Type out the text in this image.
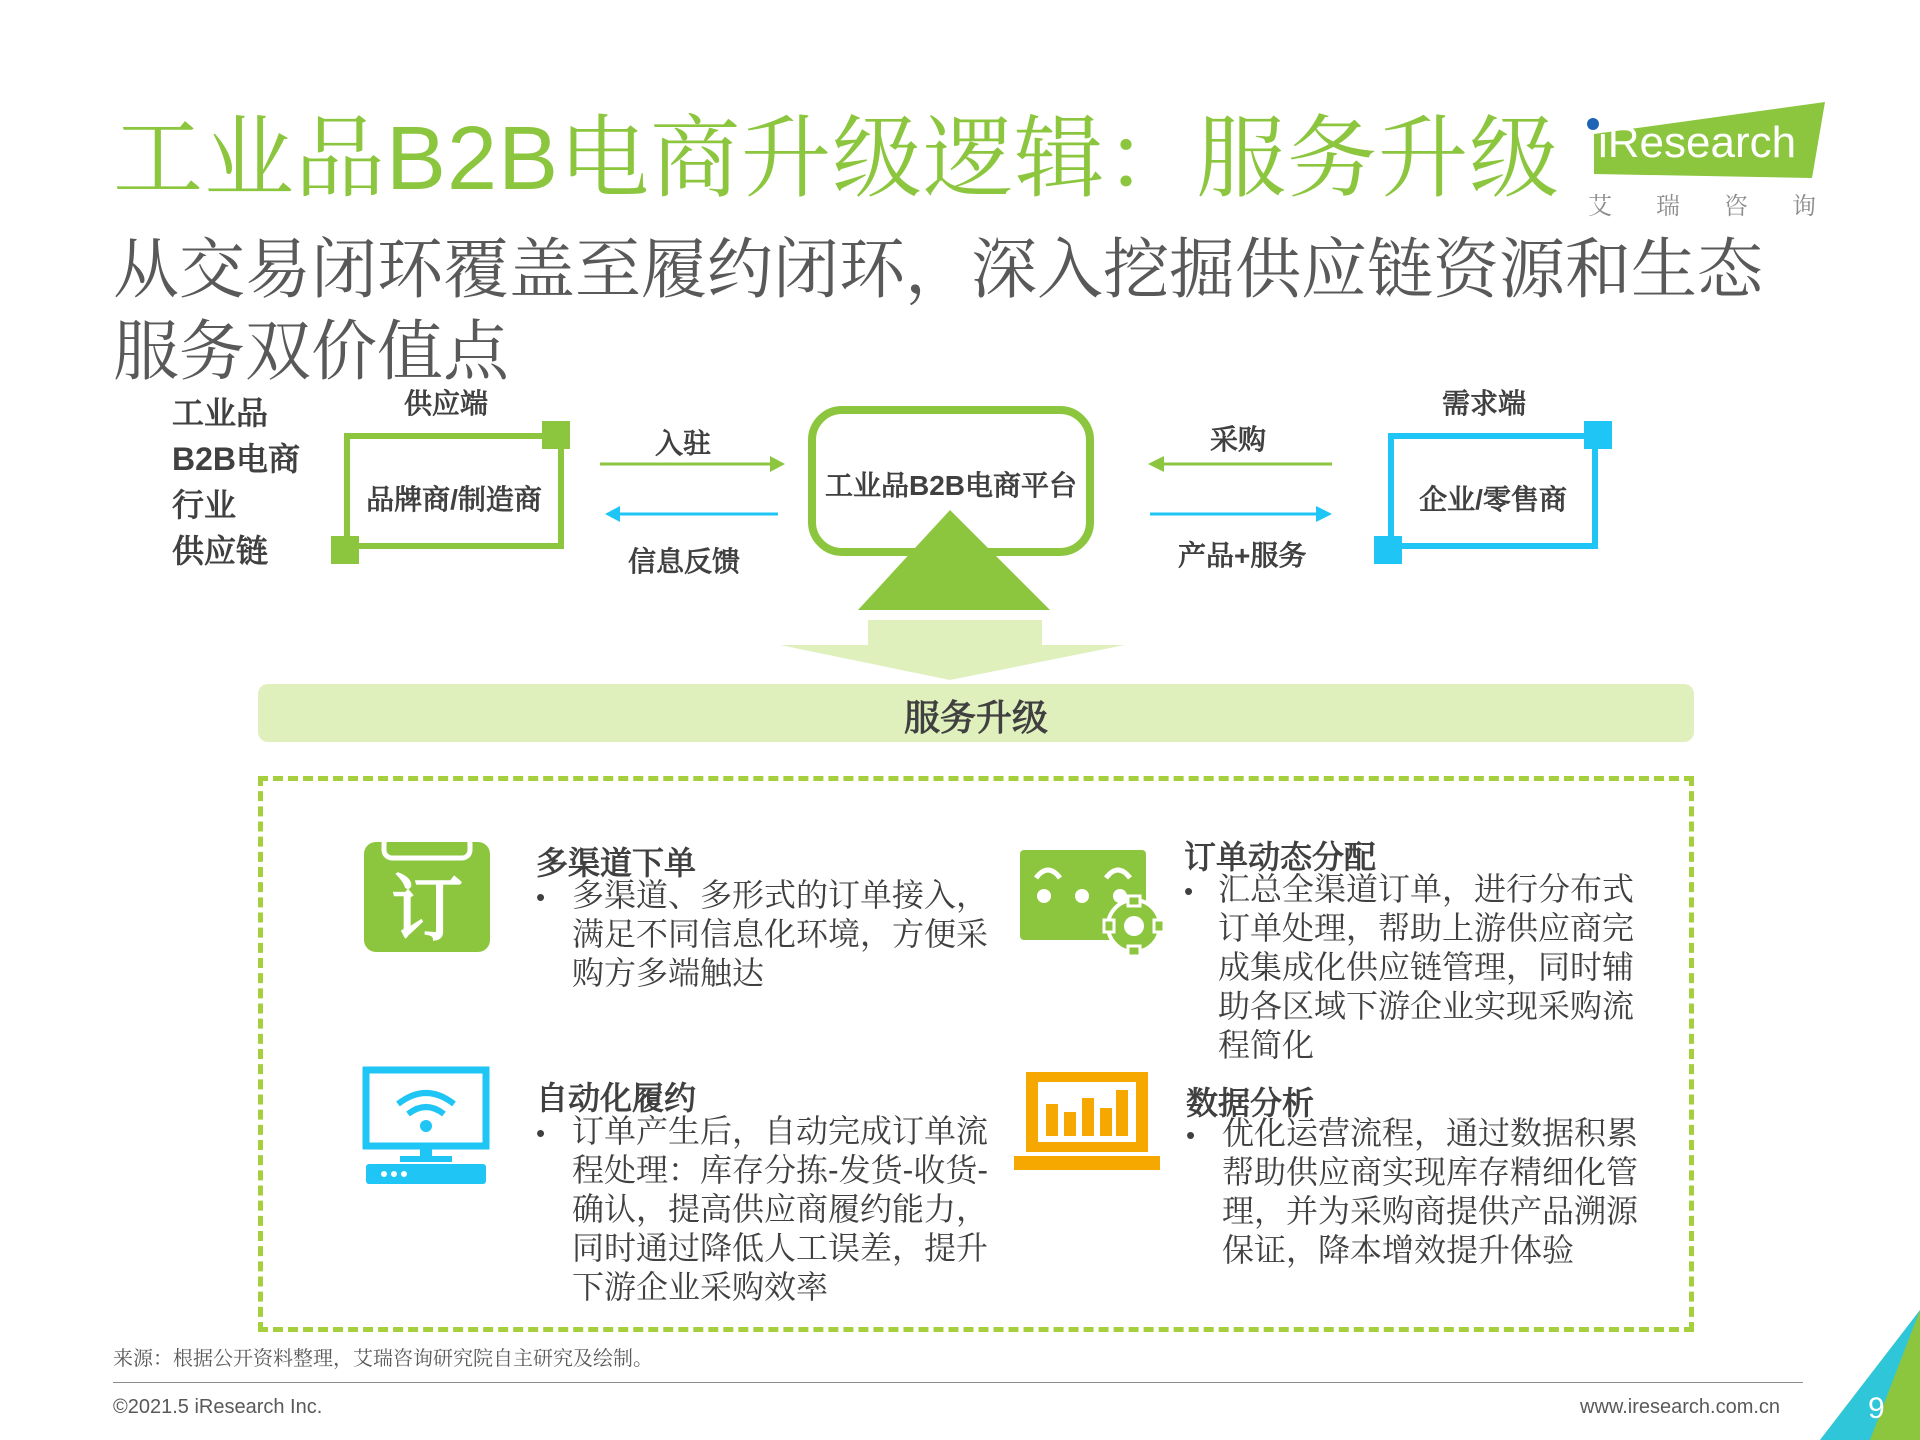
工业品B2B电商升级逻辑：服务升级
从交易闭环覆盖至履约闭环，深入挖掘供应链资源和生态服务双价值点
iResearch
艾瑞咨询
工业品
B2B电商
行业
供应链
供应端
品牌商/制造商
入驻
信息反馈
工业品B2B电商平台
采购
产品+服务
需求端
企业/零售商
服务升级
订
多渠道下单
• 多渠道、多形式的订单接入，满足不同信息化环境，方便采购方多端触达
订单动态分配
• 汇总全渠道订单，进行分布式订单处理，帮助上游供应商完成集成化供应链管理，同时辅助各区域下游企业实现采购流程简化
自动化履约
• 订单产生后，自动完成订单流程处理：库存分拣-发货-收货-确认，提高供应商履约能力，同时通过降低人工误差，提升下游企业采购效率
数据分析
• 优化运营流程，通过数据积累帮助供应商实现库存精细化管理，并为采购商提供产品溯源保证，降本增效提升体验
来源：根据公开资料整理，艾瑞咨询研究院自主研究及绘制。
©2021.5 iResearch Inc.	www.iresearch.com.cn	9
